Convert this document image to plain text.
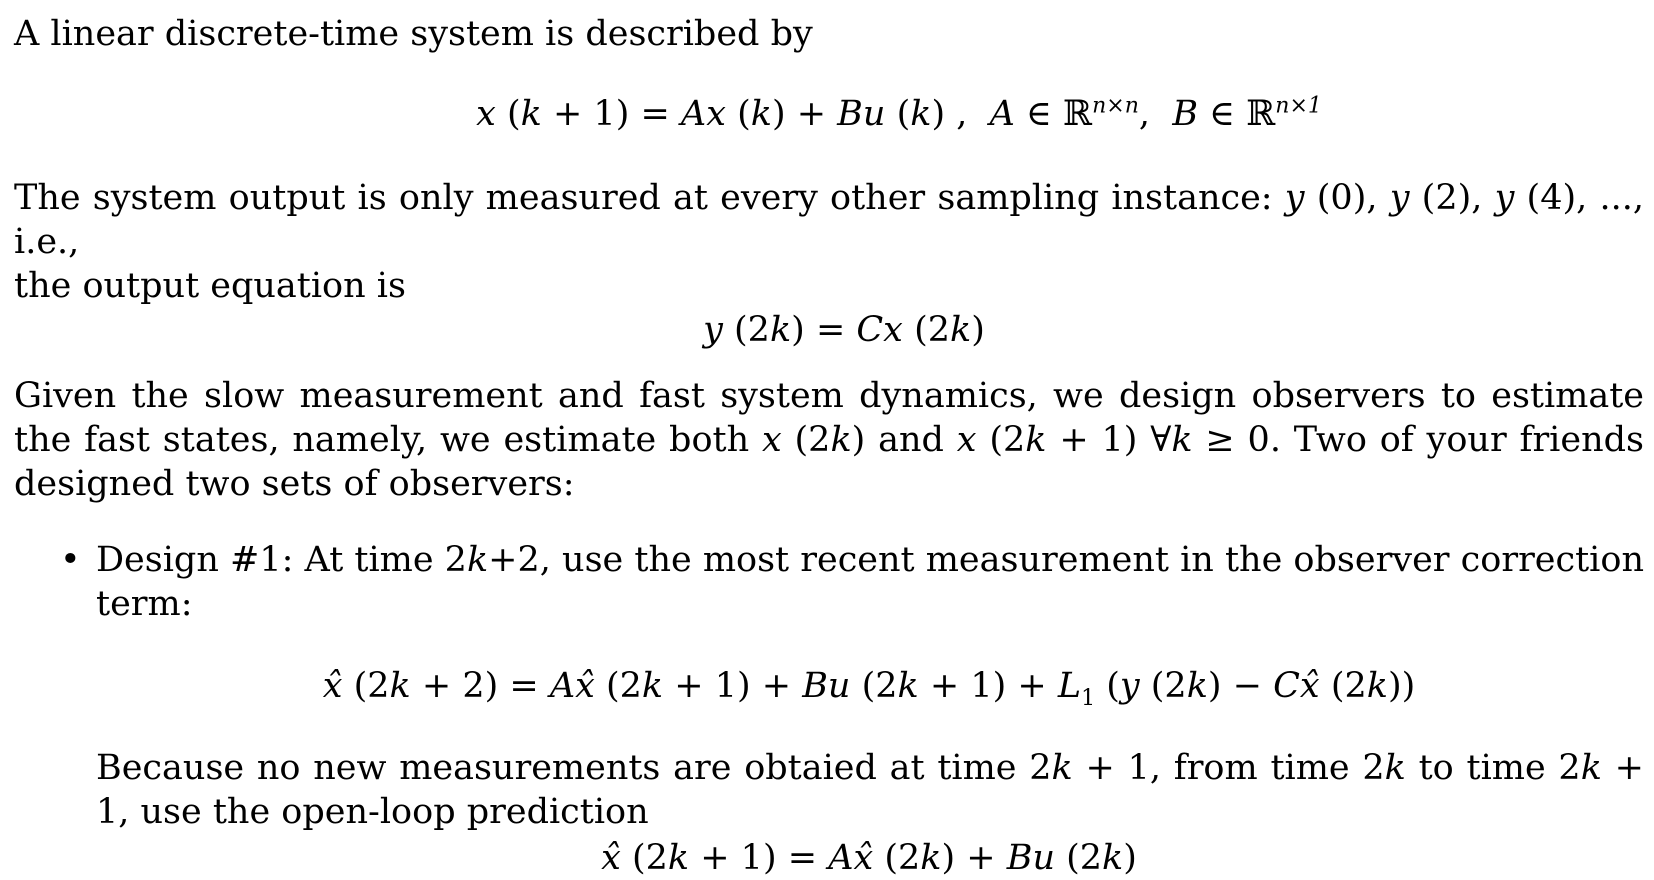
A linear discrete-time system is described by

x (k + 1) = Ax (k) + Bu (k) ,  A ∈ ℝ$^{n\times n}$,  B ∈ ℝ$^{n\times 1}$

The system output is only measured at every other sampling instance: y (0), y (2), y (4), ..., i.e.,
the output equation is

y (2k) = Cx (2k)

Given the slow measurement and fast system dynamics, we design observers to estimate the fast states, namely, we estimate both x (2k) and x (2k + 1) ∀k ≥ 0. Two of your friends designed two sets of observers:

• Design #1: At time 2k+2, use the most recent measurement in the observer correction term:

x̂ (2k + 2) = Ax̂ (2k + 1) + Bu $(2k + 1) + L_1$ (y (2k) − Cx̂ (2k))

Because no new measurements are obtaied at time 2k + 1, from time 2k to time 2k + 1, use the open-loop prediction

x̂ (2k + 1) = Ax̂ (2k) + Bu (2k)
